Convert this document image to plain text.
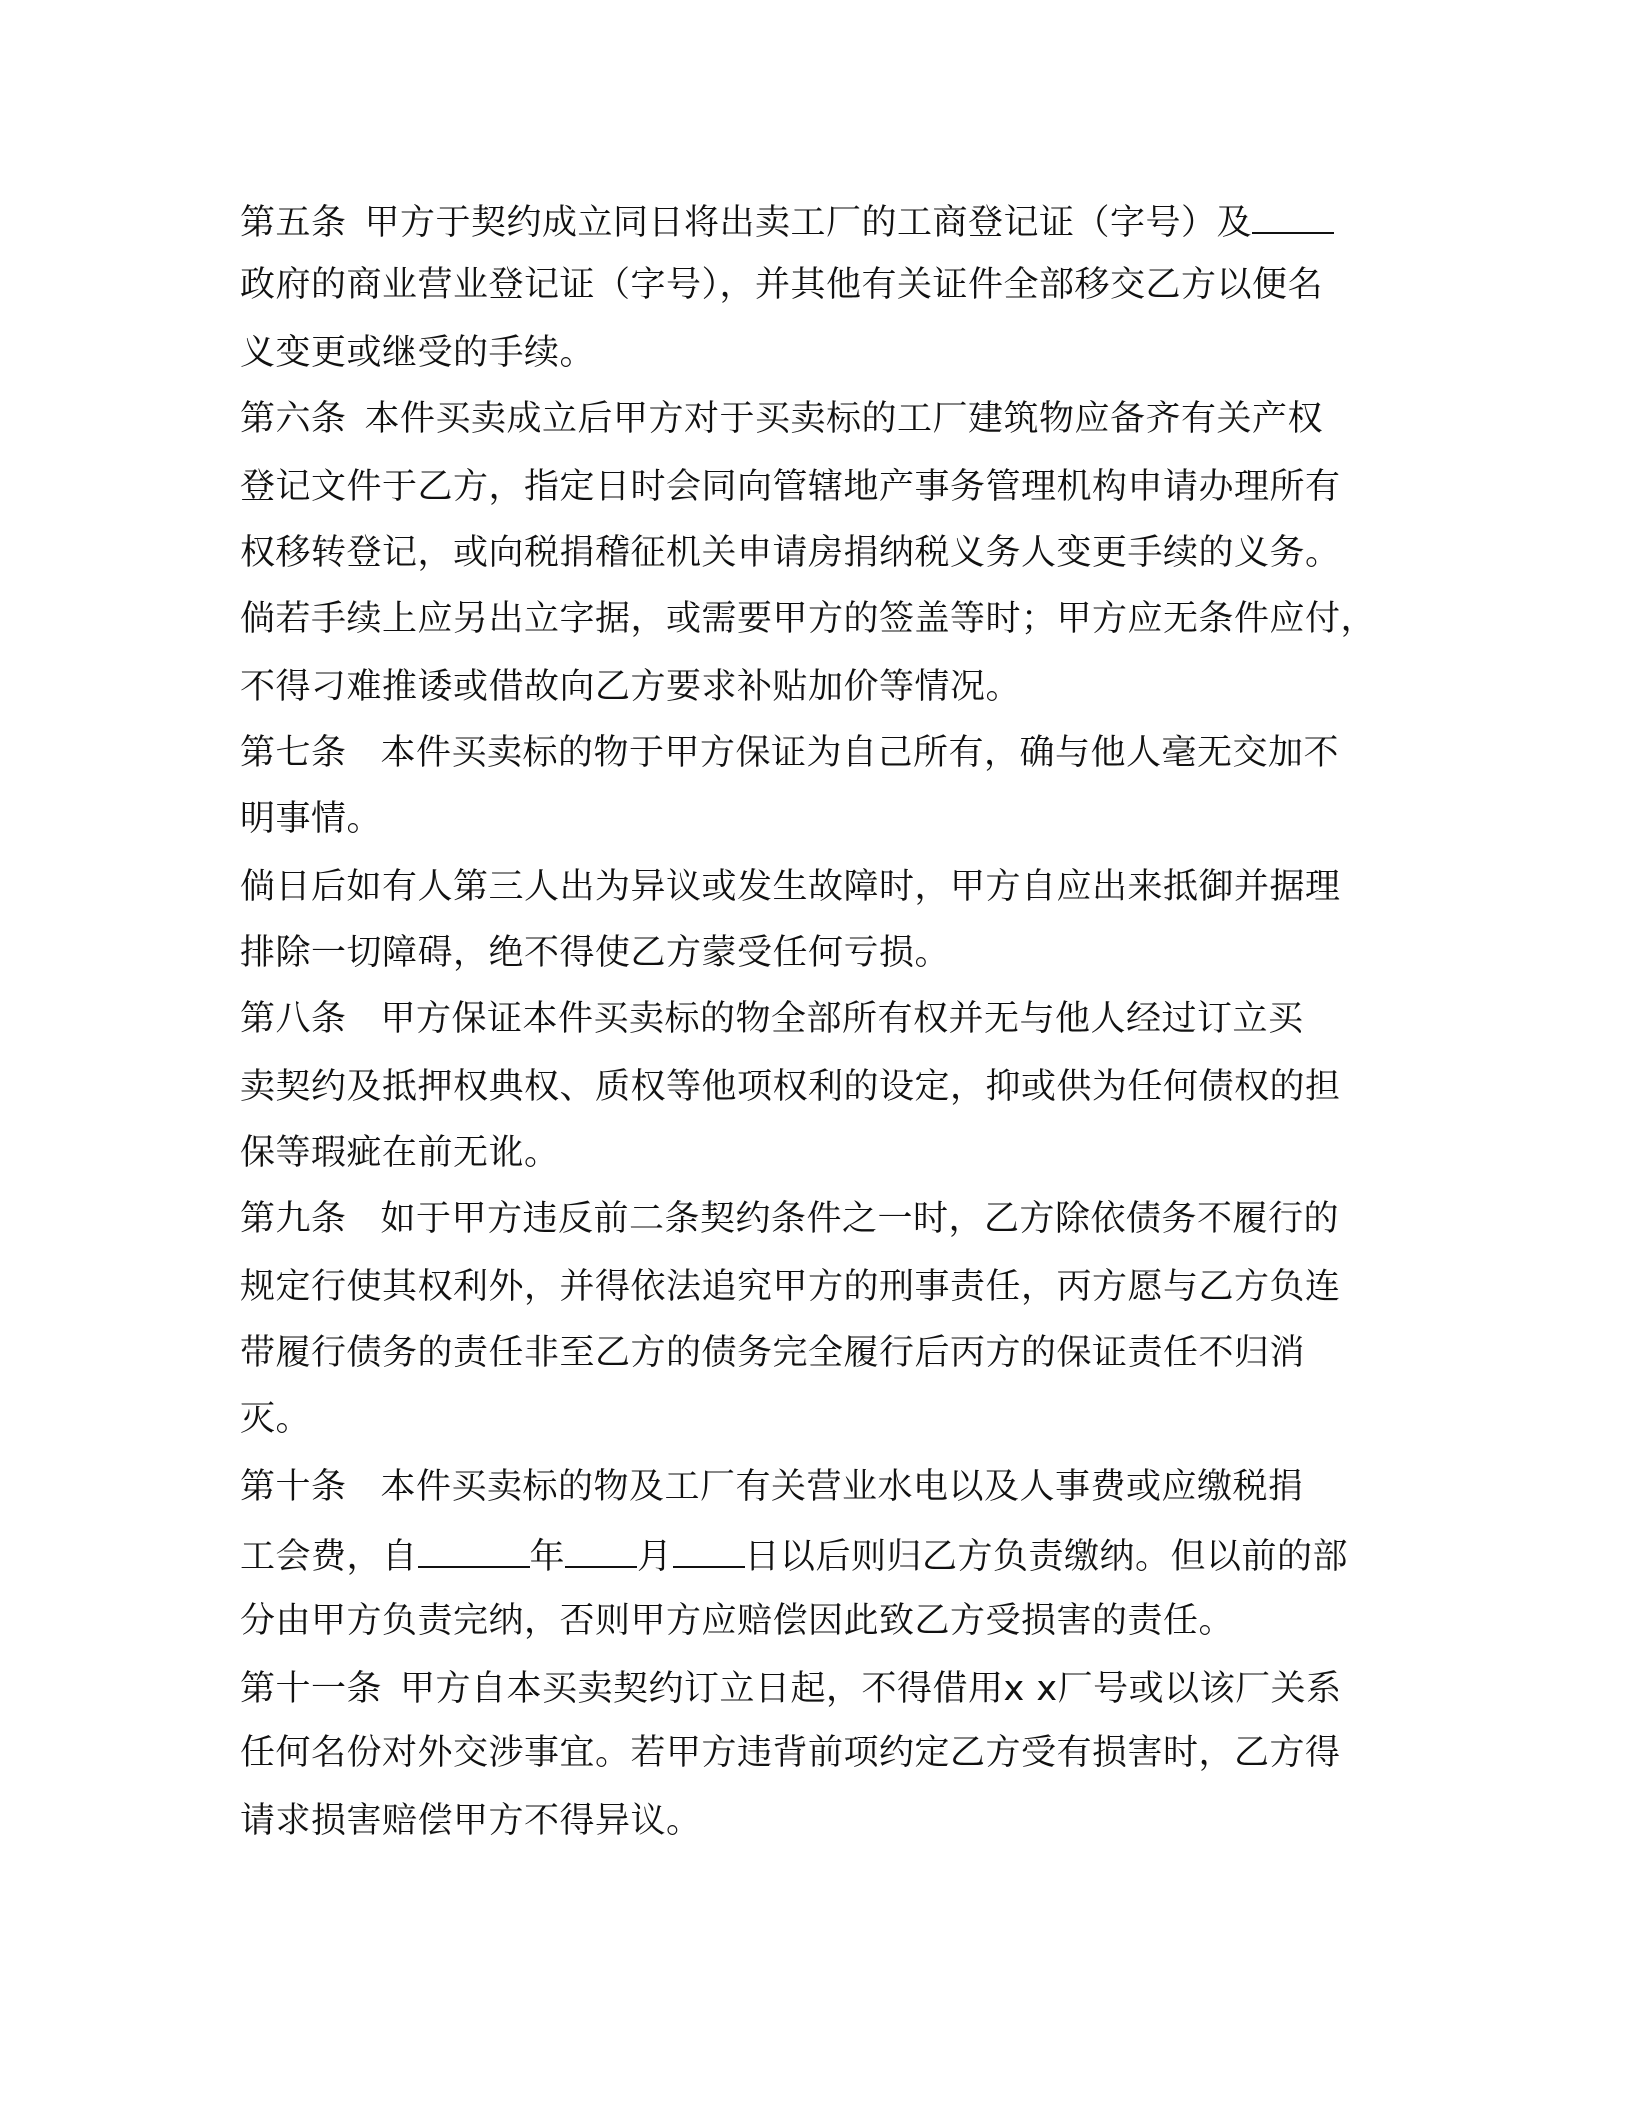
第五条 甲方于契约成立同日将出卖工厂的工商登记证（字号）及
政府的商业营业登记证（字号），并其他有关证件全部移交乙方以便名
义变更或继受的手续。
第六条 本件买卖成立后甲方对于买卖标的工厂建筑物应备齐有关产权
登记文件于乙方，指定日时会同向管辖地产事务管理机构申请办理所有
权移转登记，或向税捐稽征机关申请房捐纳税义务人变更手续的义务。
倘若手续上应另出立字据，或需要甲方的签盖等时；甲方应无条件应付，
不得刁难推诿或借故向乙方要求补贴加价等情况。
第七条 本件买卖标的物于甲方保证为自己所有，确与他人毫无交加不
明事情。
倘日后如有人第三人出为异议或发生故障时，甲方自应出来抵御并据理
排除一切障碍，绝不得使乙方蒙受任何亏损。
第八条 甲方保证本件买卖标的物全部所有权并无与他人经过订立买
卖契约及抵押权典权、质权等他项权利的设定，抑或供为任何债权的担
保等瑕疵在前无讹。
第九条 如于甲方违反前二条契约条件之一时，乙方除依债务不履行的
规定行使其权利外，并得依法追究甲方的刑事责任，丙方愿与乙方负连
带履行债务的责任非至乙方的债务完全履行后丙方的保证责任不归消
灭。
第十条 本件买卖标的物及工厂有关营业水电以及人事费或应缴税捐
工会费，自	年 月 日以后则归乙方负责缴纳。但以前的部
分由甲方负责完纳，否则甲方应赔偿因此致乙方受损害的责任。
第十一条 甲方自本买卖契约订立日起，不得借用x x厂号或以该厂关系
任何名份对外交涉事宜。若甲方违背前项约定乙方受有损害时，乙方得
请求损害赔偿甲方不得异议。
